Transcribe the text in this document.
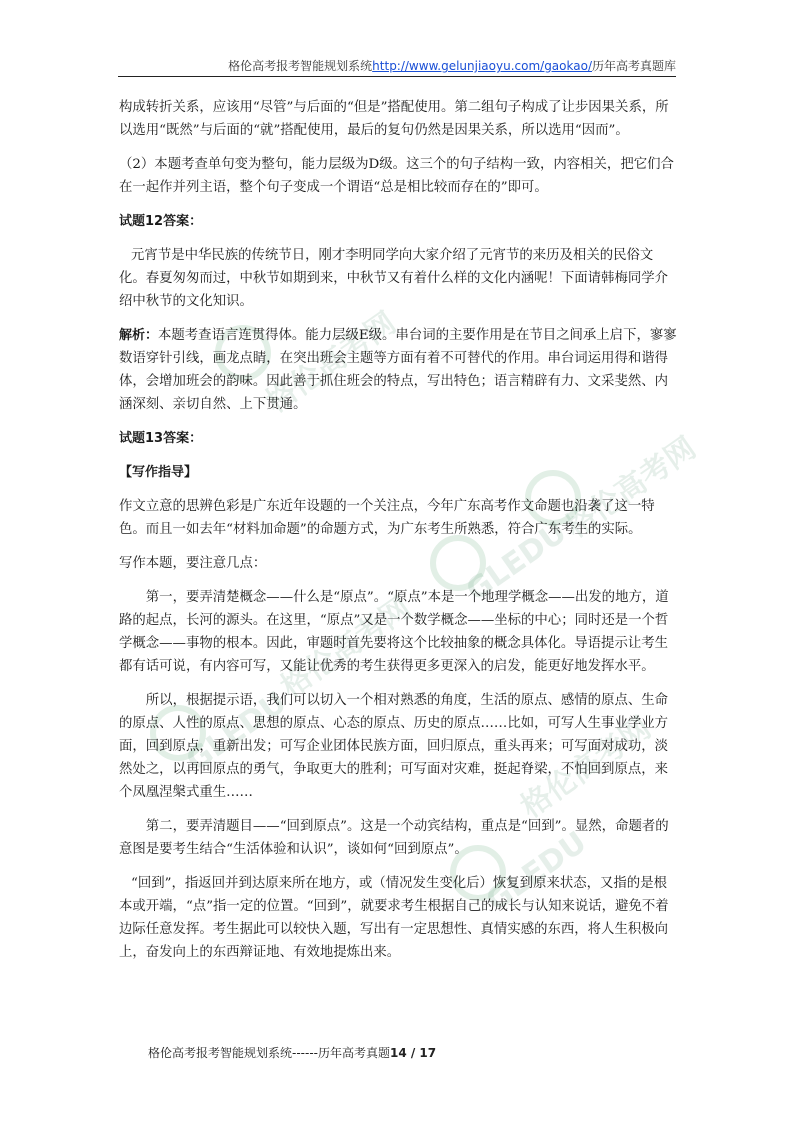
格伦高考网
格伦高考网
GLEDU
格伦高考网
GLEDU	格伦高考网
GLEDU
格伦高考报考智能规划系统http://www.gelunjiaoyu.com/gaokao/历年高考真题库

构成转折关系，应该用“尽管”与后面的“但是”搭配使用。第二组句子构成了让步因果关系，所以选用“既然”与后面的“就”搭配使用，最后的复句仍然是因果关系，所以选用“因而”。

（2）本题考查单句变为整句，能力层级为D级。这三个的句子结构一致，内容相关，把它们合在一起作并列主语，整个句子变成一个谓语“总是相比较而存在的”即可。

试题12答案：

元宵节是中华民族的传统节日，刚才李明同学向大家介绍了元宵节的来历及相关的民俗文化。春夏匆匆而过，中秋节如期到来，中秋节又有着什么样的文化内涵呢！下面请韩梅同学介绍中秋节的文化知识。

解析：本题考查语言连贯得体。能力层级E级。串台词的主要作用是在节目之间承上启下，寥寥数语穿针引线，画龙点睛，在突出班会主题等方面有着不可替代的作用。串台词运用得和谐得体，会增加班会的韵味。因此善于抓住班会的特点，写出特色；语言精辟有力、文采斐然、内涵深刻、亲切自然、上下贯通。

试题13答案：

【写作指导】

作文立意的思辨色彩是广东近年设题的一个关注点，今年广东高考作文命题也沿袭了这一特色。而且一如去年“材料加命题”的命题方式，为广东考生所熟悉，符合广东考生的实际。

写作本题，要注意几点：

第一，要弄清楚概念——什么是“原点”。“原点”本是一个地理学概念——出发的地方，道路的起点，长河的源头。在这里，“原点”又是一个数学概念——坐标的中心；同时还是一个哲学概念——事物的根本。因此，审题时首先要将这个比较抽象的概念具体化。导语提示让考生都有话可说，有内容可写，又能让优秀的考生获得更多更深入的启发，能更好地发挥水平。

所以，根据提示语，我们可以切入一个相对熟悉的角度，生活的原点、感情的原点、生命的原点、人性的原点、思想的原点、心态的原点、历史的原点……比如，可写人生事业学业方面，回到原点，重新出发；可写企业团体民族方面，回归原点，重头再来；可写面对成功，淡然处之，以再回原点的勇气，争取更大的胜利；可写面对灾难，挺起脊梁，不怕回到原点，来个凤凰涅槃式重生……

第二，要弄清题目——“回到原点”。这是一个动宾结构，重点是“回到”。显然，命题者的意图是要考生结合“生活体验和认识”，谈如何“回到原点”。

“回到”，指返回并到达原来所在地方，或（情况发生变化后）恢复到原来状态，又指的是根本或开端，“点”指一定的位置。“回到”，就要求考生根据自己的成长与认知来说话，避免不着边际任意发挥。考生据此可以较快入题，写出有一定思想性、真情实感的东西，将人生积极向上，奋发向上的东西辩证地、有效地提炼出来。

格伦高考报考智能规划系统------历年高考真题14 / 17
